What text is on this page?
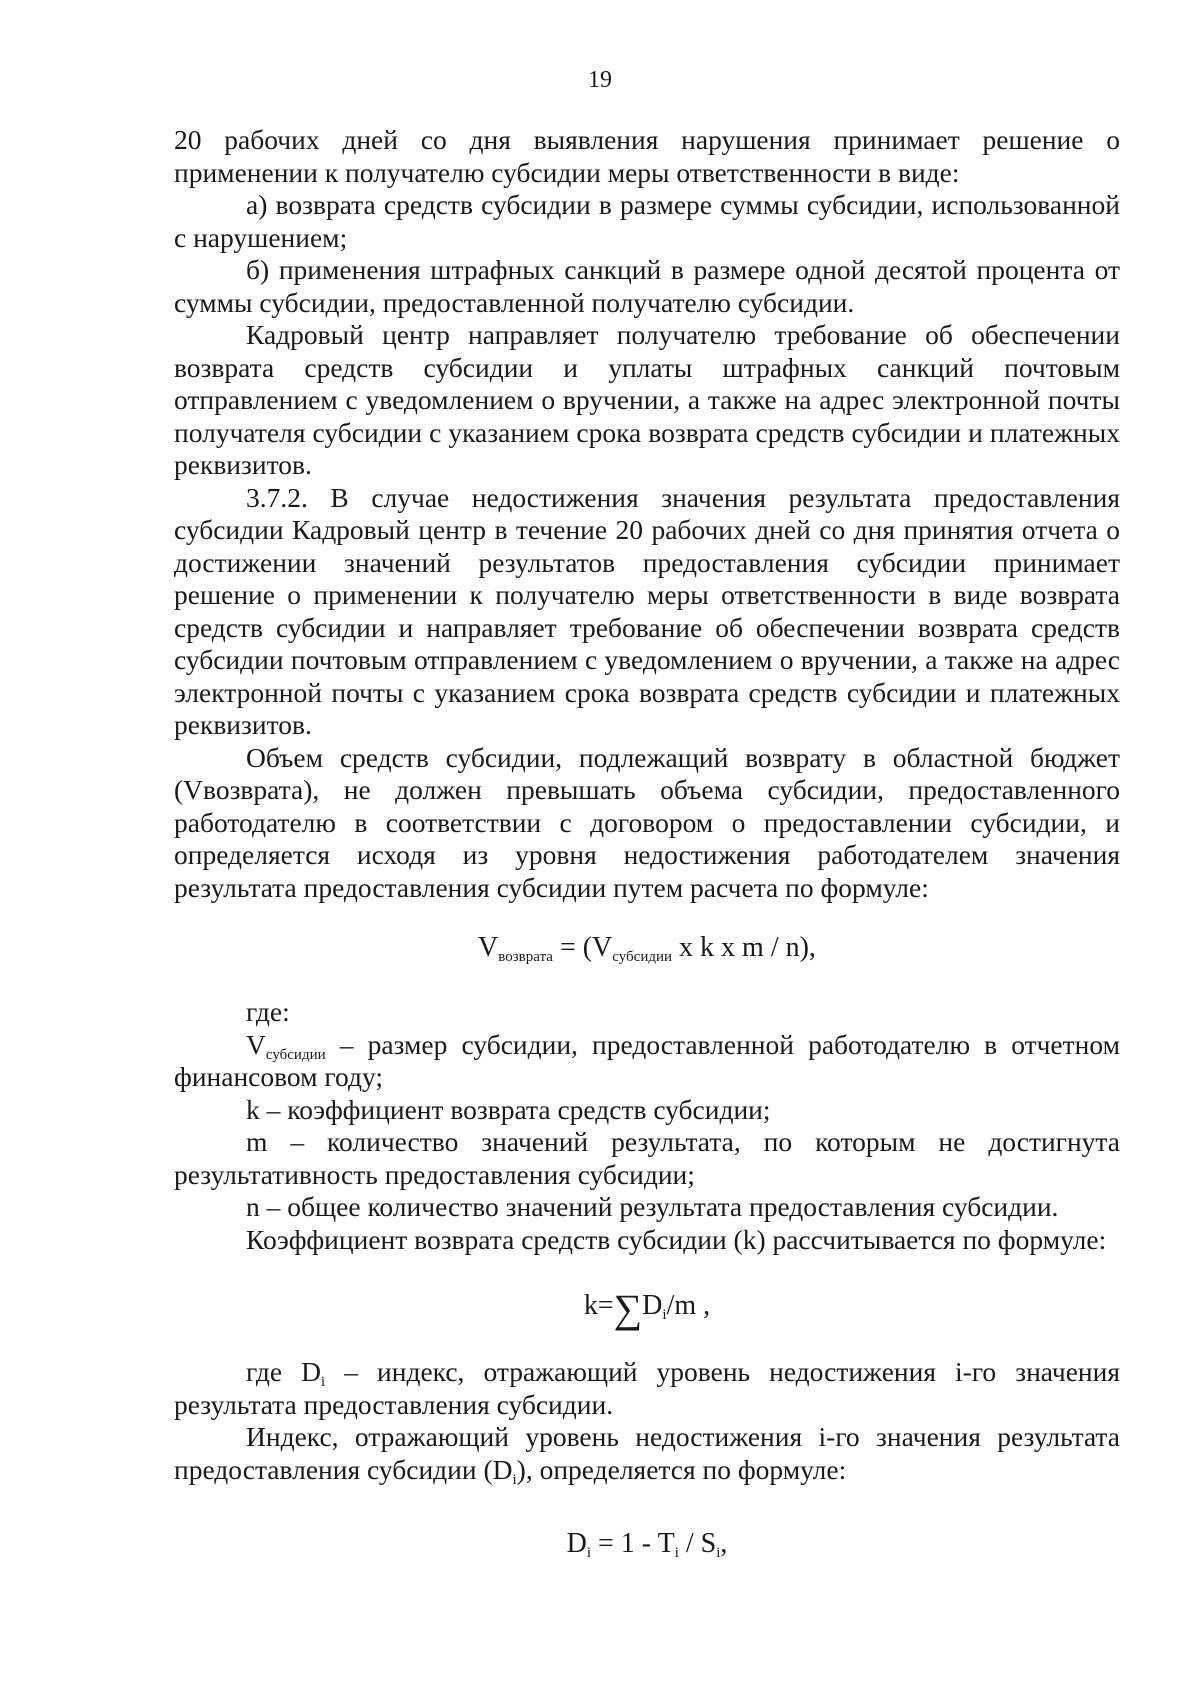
19

20 рабочих дней со дня выявления нарушения принимает решение о применении к получателю субсидии меры ответственности в виде:

а) возврата средств субсидии в размере суммы субсидии, использованной с нарушением;

б) применения штрафных санкций в размере одной десятой процента от суммы субсидии, предоставленной получателю субсидии.

Кадровый центр направляет получателю требование об обеспечении возврата средств субсидии и уплаты штрафных санкций почтовым отправлением с уведомлением о вручении, а также на адрес электронной почты получателя субсидии с указанием срока возврата средств субсидии и платежных реквизитов.

3.7.2. В случае недостижения значения результата предоставления субсидии Кадровый центр в течение 20 рабочих дней со дня принятия отчета о достижении значений результатов предоставления субсидии принимает решение о применении к получателю меры ответственности в виде возврата средств субсидии и направляет требование об обеспечении возврата средств субсидии почтовым отправлением с уведомлением о вручении, а также на адрес электронной почты с указанием срока возврата средств субсидии и платежных реквизитов.

Объем средств субсидии, подлежащий возврату в областной бюджет (Vвозврата), не должен превышать объема субсидии, предоставленного работодателю в соответствии с договором о предоставлении субсидии, и определяется исходя из уровня недостижения работодателем значения результата предоставления субсидии путем расчета по формуле:

$V_{возврата} = (V_{субсидии}$ х k х m / n),

где:

$V_{субсидии}$ – размер субсидии, предоставленной работодателю в отчетном финансовом году;

k – коэффициент возврата средств субсидии;

m – количество значений результата, по которым не достигнута результативность предоставления субсидии;

n – общее количество значений результата предоставления субсидии.

Коэффициент возврата средств субсидии (k) рассчитывается по формуле:

$k=\sum D_i/m$ ,

где $D_i$ – индекс, отражающий уровень недостижения i-го значения результата предоставления субсидии.

Индекс, отражающий уровень недостижения i-го значения результата предоставления субсидии $(D_i)$, определяется по формуле:

$D_i = 1 - T_i / S_i$,
